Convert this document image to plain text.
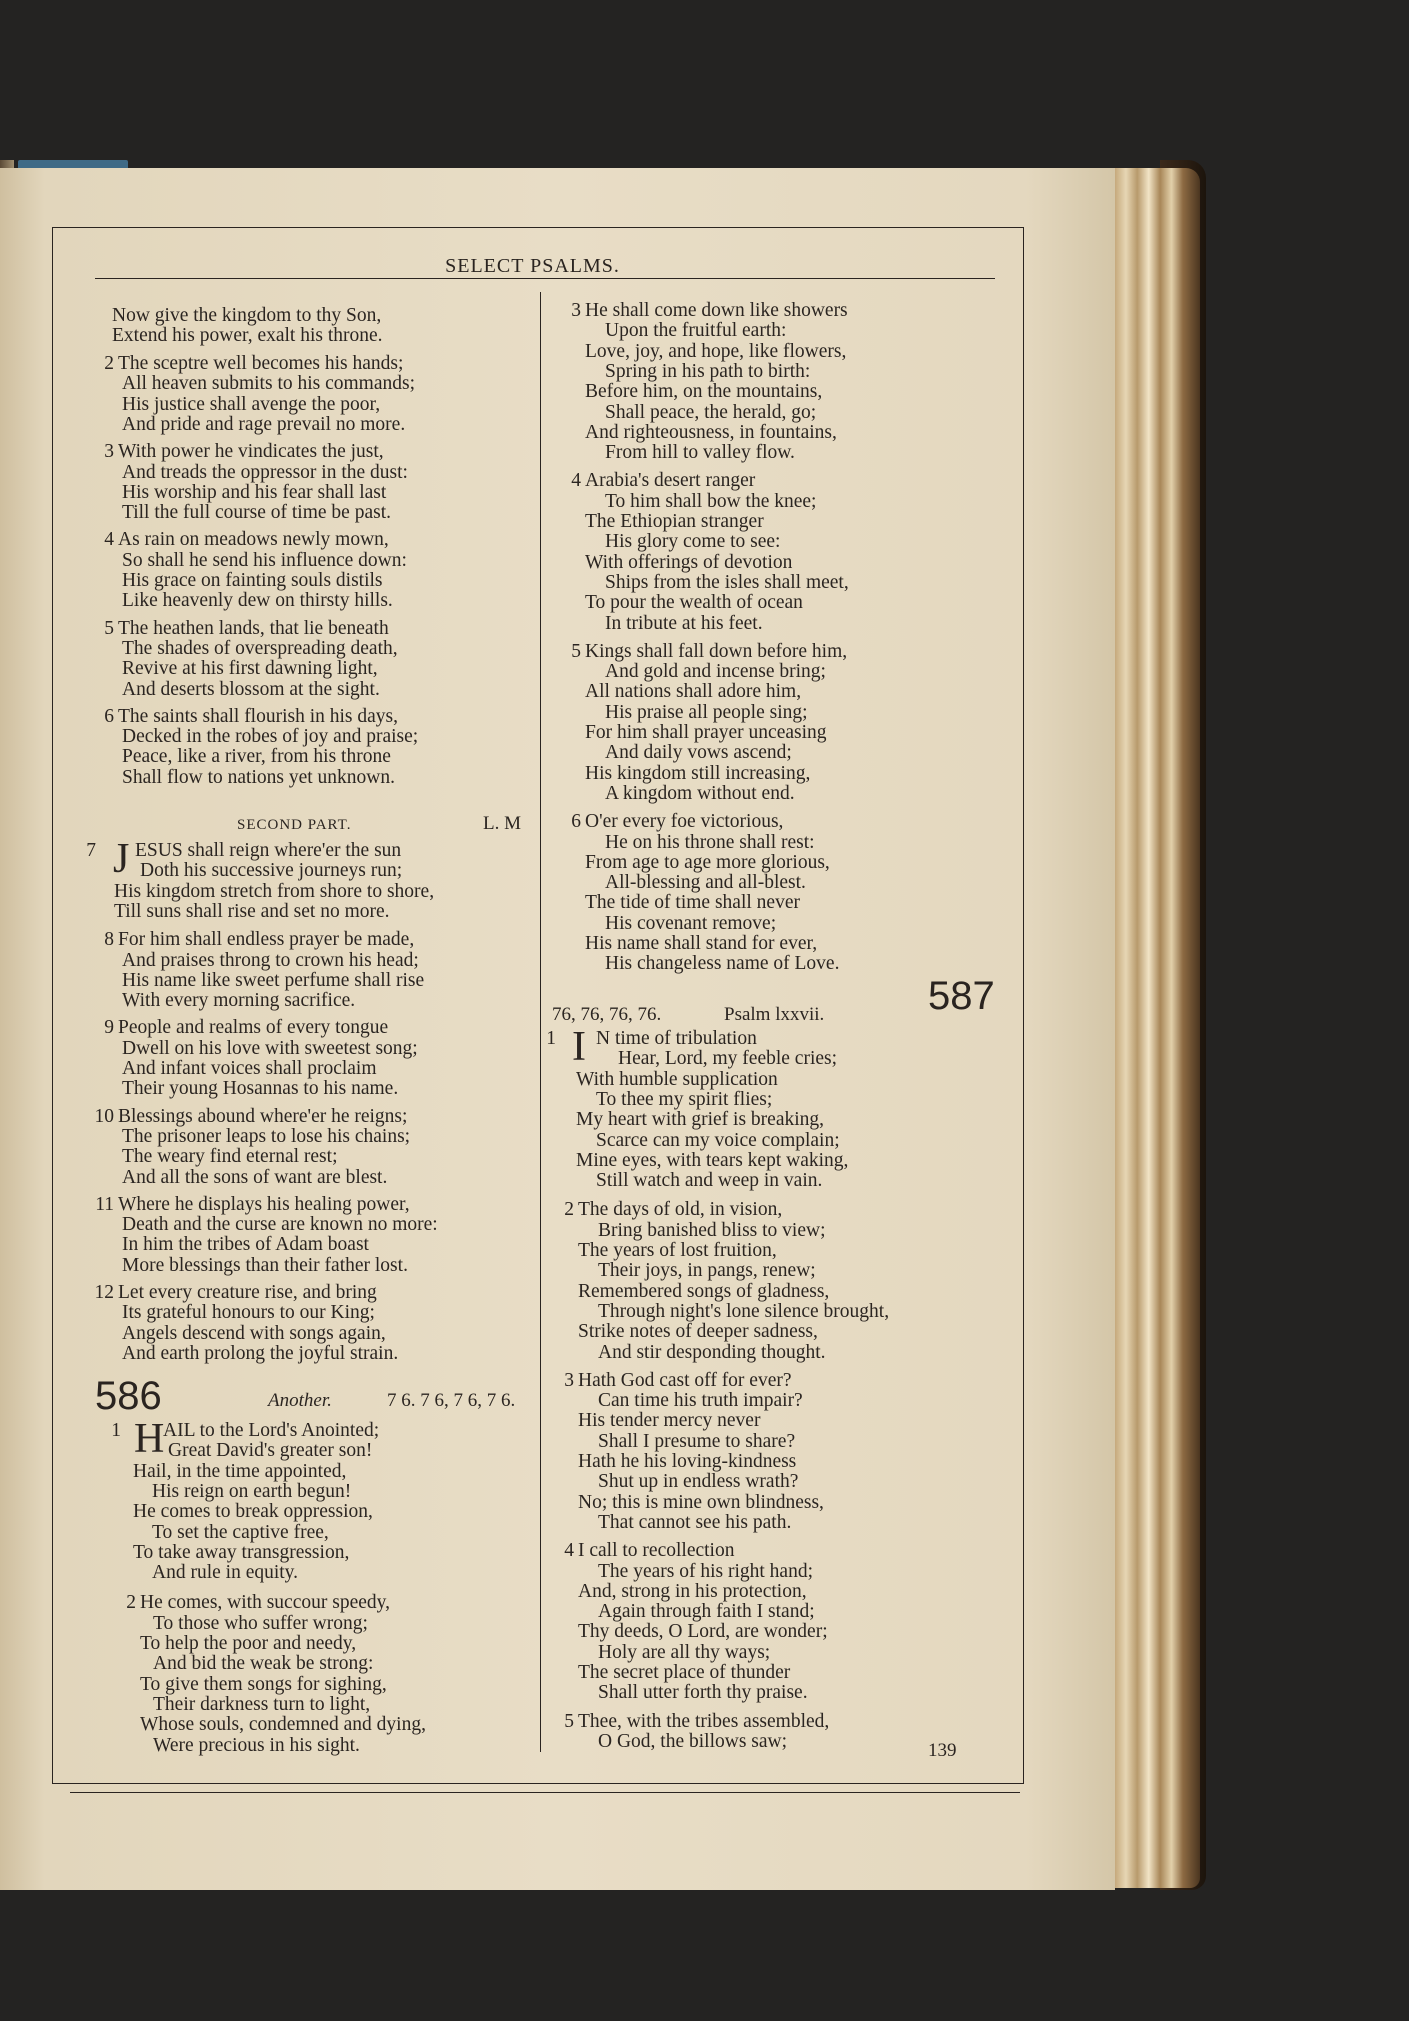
SELECT PSALMS.
Now give the kingdom to thy Son,
Extend his power, exalt his throne.
2 The sceptre well becomes his hands;
All heaven submits to his commands;
His justice shall avenge the poor,
And pride and rage prevail no more.
3 With power he vindicates the just,
And treads the oppressor in the dust:
His worship and his fear shall last
Till the full course of time be past.
4 As rain on meadows newly mown,
So shall he send his influence down:
His grace on fainting souls distils
Like heavenly dew on thirsty hills.
5 The heathen lands, that lie beneath
The shades of overspreading death,
Revive at his first dawning light,
And deserts blossom at the sight.
6 The saints shall flourish in his days,
Decked in the robes of joy and praise;
Peace, like a river, from his throne
Shall flow to nations yet unknown.
7 J ESUS shall reign where'er the sun
Doth his successive journeys run;
His kingdom stretch from shore to shore,
Till suns shall rise and set no more.
8 For him shall endless prayer be made,
And praises throng to crown his head;
His name like sweet perfume shall rise
With every morning sacrifice.
9 People and realms of every tongue
Dwell on his love with sweetest song;
And infant voices shall proclaim
Their young Hosannas to his name.
10 Blessings abound where'er he reigns;
The prisoner leaps to lose his chains;
The weary find eternal rest;
And all the sons of want are blest.
11 Where he displays his healing power,
Death and the curse are known no more:
In him the tribes of Adam boast
More blessings than their father lost.
12 Let every creature rise, and bring
Its grateful honours to our King;
Angels descend with songs again,
And earth prolong the joyful strain.
1 H
AIL to the Lord's Anointed;
Great David's greater son!
Hail, in the time appointed,
His reign on earth begun!
He comes to break oppression,
To set the captive free,
To take away transgression,
And rule in equity.
2 He comes, with succour speedy,
To those who suffer wrong;
To help the poor and needy,
And bid the weak be strong:
To give them songs for sighing,
Their darkness turn to light,
Whose souls, condemned and dying,
Were precious in his sight.
3 He shall come down like showers
Upon the fruitful earth:
Love, joy, and hope, like flowers,
Spring in his path to birth:
Before him, on the mountains,
Shall peace, the herald, go;
And righteousness, in fountains,
From hill to valley flow.
4 Arabia's desert ranger
To him shall bow the knee;
The Ethiopian stranger
His glory come to see:
With offerings of devotion
Ships from the isles shall meet,
To pour the wealth of ocean
In tribute at his feet.
5 Kings shall fall down before him,
And gold and incense bring;
All nations shall adore him,
His praise all people sing;
For him shall prayer unceasing
And daily vows ascend;
His kingdom still increasing,
A kingdom without end.
6 O'er every foe victorious,
He on his throne shall rest:
From age to age more glorious,
All-blessing and all-blest.
The tide of time shall never
His covenant remove;
His name shall stand for ever,
His changeless name of Love.
1 I N time of tribulation
Hear, Lord, my feeble cries;
With humble supplication
To thee my spirit flies;
My heart with grief is breaking,
Scarce can my voice complain;
Mine eyes, with tears kept waking,
Still watch and weep in vain.
2 The days of old, in vision,
Bring banished bliss to view;
The years of lost fruition,
Their joys, in pangs, renew;
Remembered songs of gladness,
Through night's lone silence brought,
Strike notes of deeper sadness,
And stir desponding thought.
3 Hath God cast off for ever?
Can time his truth impair?
His tender mercy never
Shall I presume to share?
Hath he his loving-kindness
Shut up in endless wrath?
No; this is mine own blindness,
That cannot see his path.
4 I call to recollection
The years of his right hand;
And, strong in his protection,
Again through faith I stand;
Thy deeds, O Lord, are wonder;
Holy are all thy ways;
The secret place of thunder
Shall utter forth thy praise.
5 Thee, with the tribes assembled,
O God, the billows saw;
SECOND PART.	L. M
586	Another.	7 6. 7 6, 7 6, 7 6.
587
76, 76, 76, 76.	Psalm lxxvii.
139
